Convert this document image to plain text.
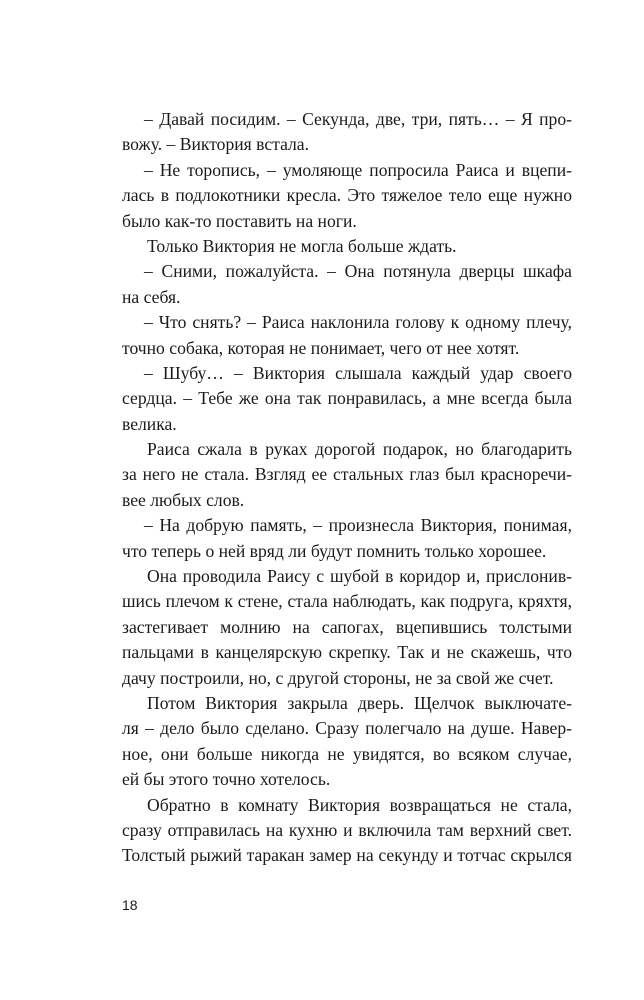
– Давай посидим. – Секунда, две, три, пять… – Я про-
вожу. – Виктория встала.
– Не торопись, – умоляюще попросила Раиса и вцепи-
лась в подлокотники кресла. Это тяжелое тело еще нужно
было как-то поставить на ноги.
Только Виктория не могла больше ждать.
– Сними, пожалуйста. – Она потянула дверцы шкафа
на себя.
– Что снять? – Раиса наклонила голову к одному плечу,
точно собака, которая не понимает, чего от нее хотят.
– Шубу… – Виктория слышала каждый удар своего
сердца. – Тебе же она так понравилась, а мне всегда была
велика.
Раиса сжала в руках дорогой подарок, но благодарить
за него не стала. Взгляд ее стальных глаз был красноречи-
вее любых слов.
– На добрую память, – произнесла Виктория, понимая,
что теперь о ней вряд ли будут помнить только хорошее.
Она проводила Раису с шубой в коридор и, прислонив-
шись плечом к стене, стала наблюдать, как подруга, кряхтя,
застегивает молнию на сапогах, вцепившись толстыми
пальцами в канцелярскую скрепку. Так и не скажешь, что
дачу построили, но, с другой стороны, не за свой же счет.
Потом Виктория закрыла дверь. Щелчок выключате-
ля – дело было сделано. Сразу полегчало на душе. Навер-
ное, они больше никогда не увидятся, во всяком случае,
ей бы этого точно хотелось.
Обратно в комнату Виктория возвращаться не стала,
сразу отправилась на кухню и включила там верхний свет.
Толстый рыжий таракан замер на секунду и тотчас скрылся
18
